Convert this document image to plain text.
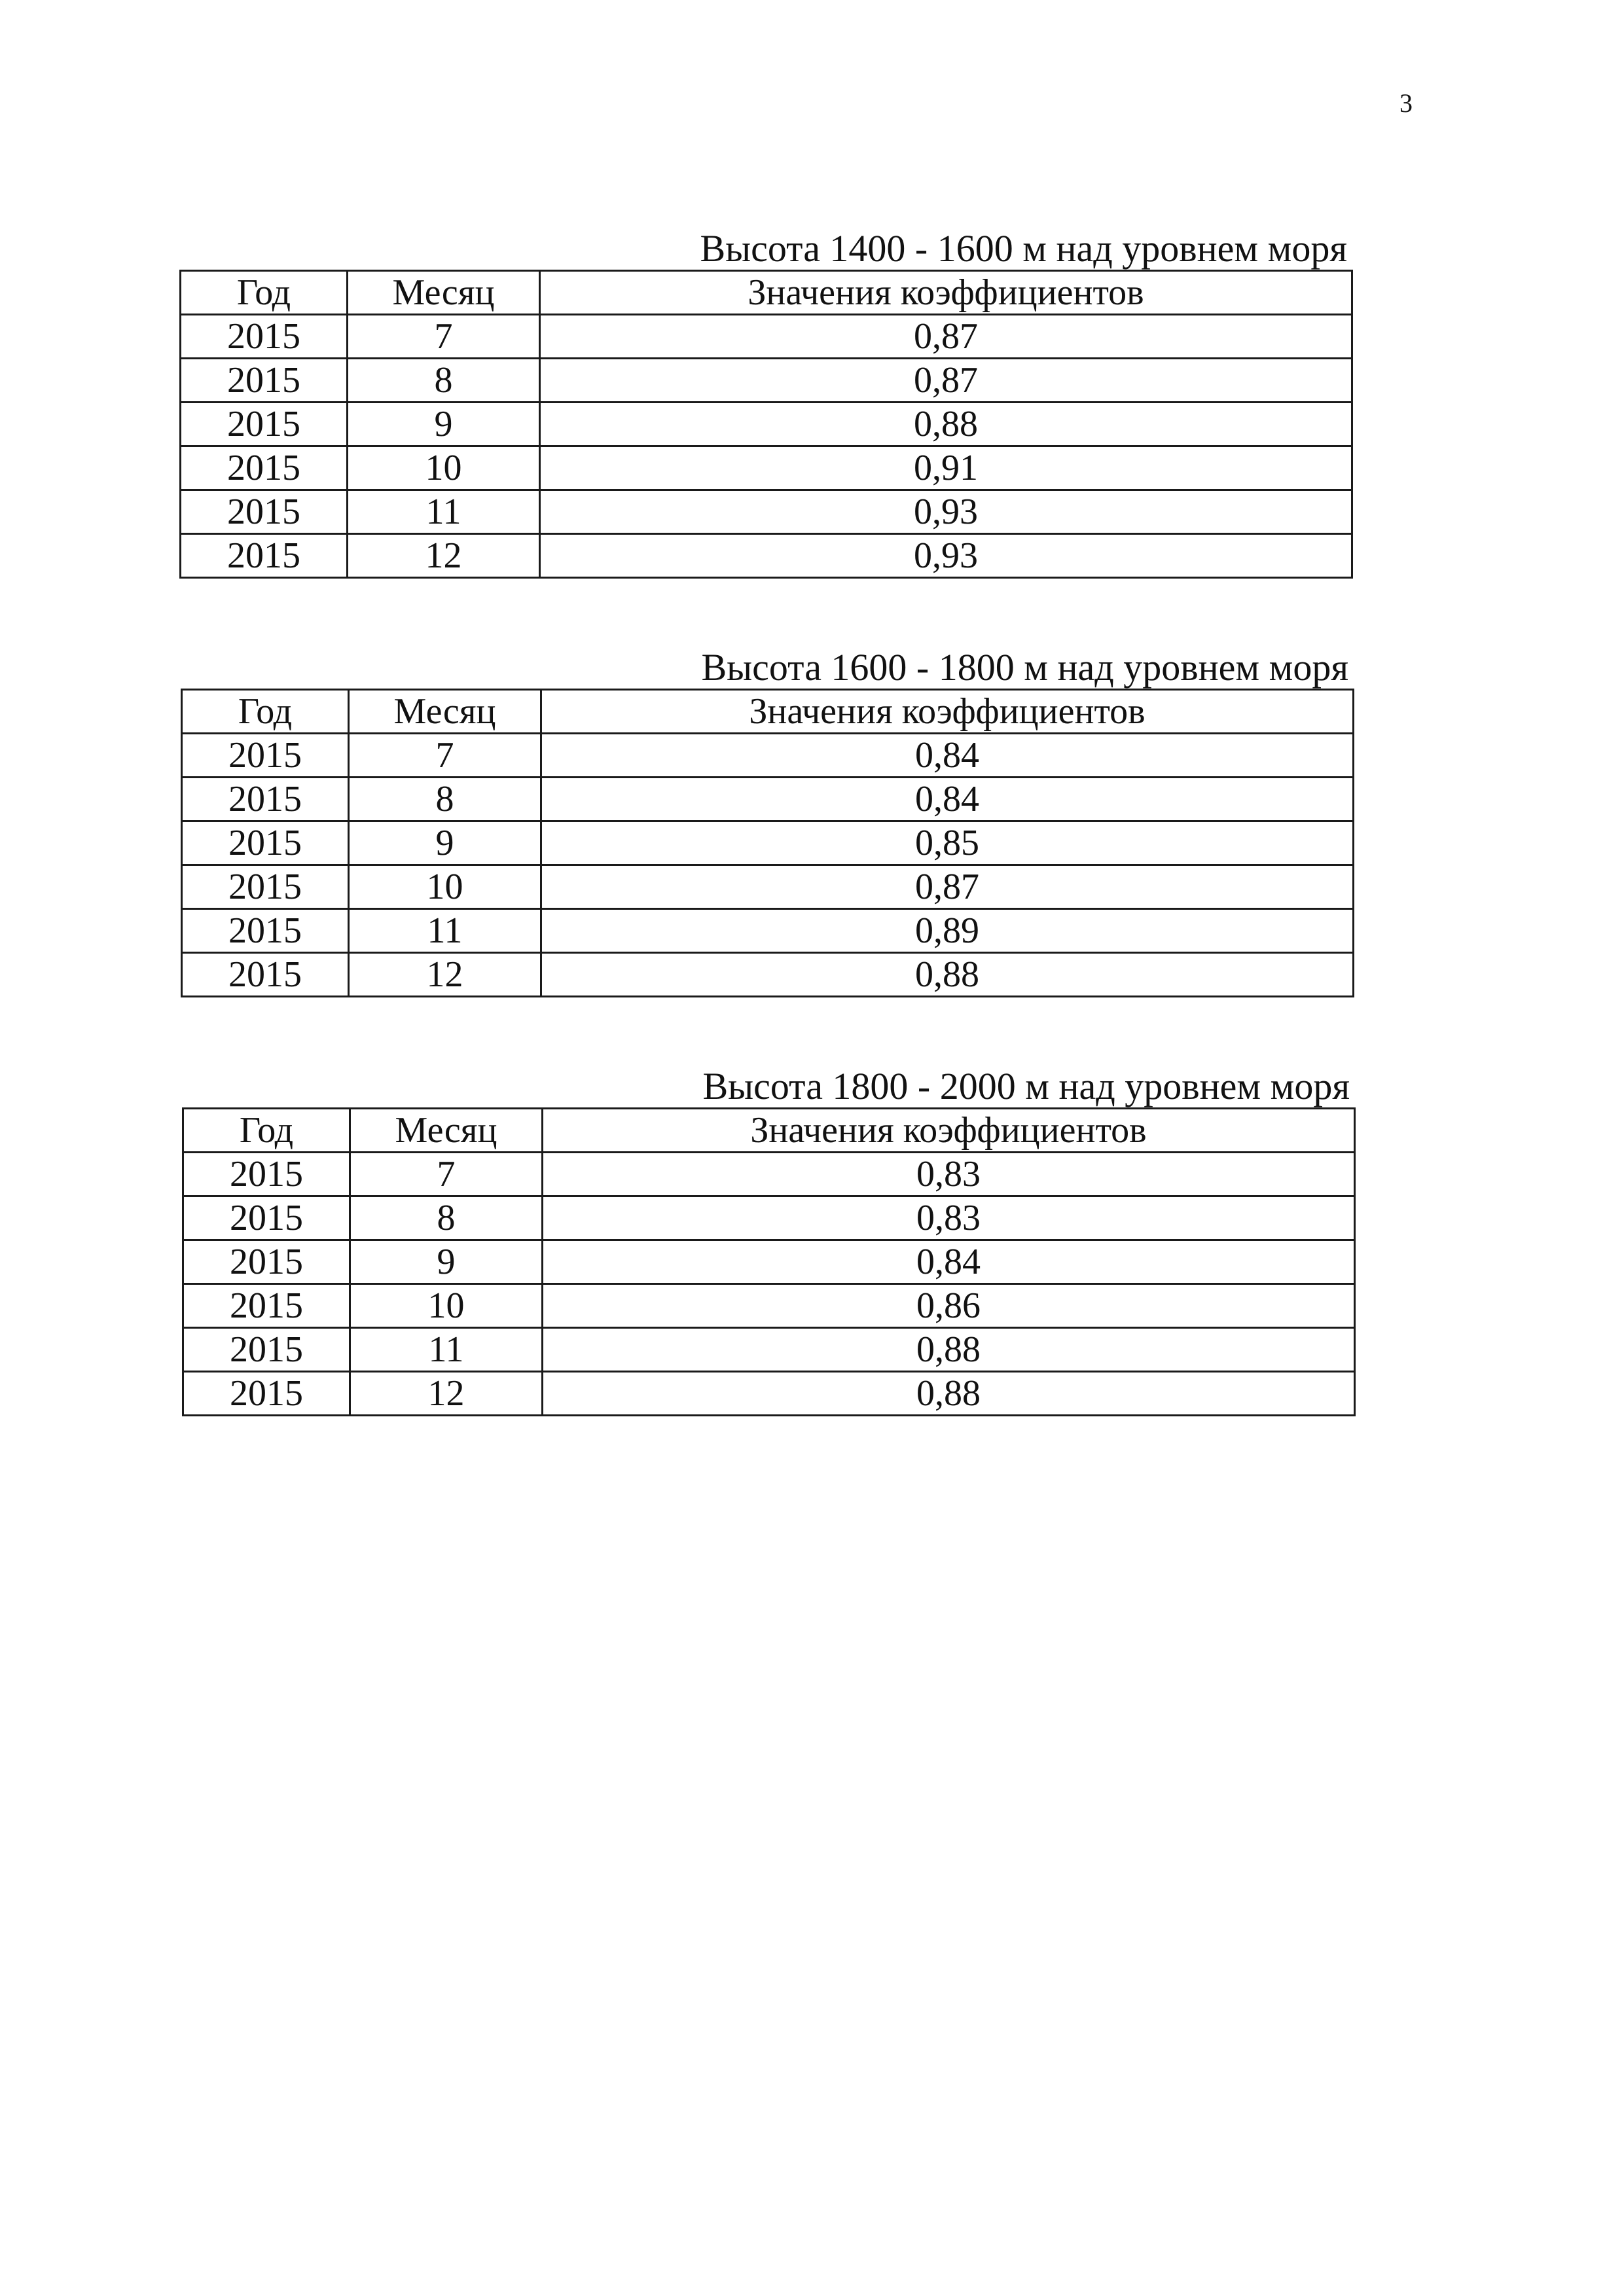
3
Высота 1400 - 1600 м над уровнем моря
Год	Месяц	Значения коэффициентов
2015	7	0,87
2015	8	0,87
2015	9	0,88
2015	10	0,91
2015	11	0,93
2015	12	0,93
Высота 1600 - 1800 м над уровнем моря
Год	Месяц	Значения коэффициентов
2015	7	0,84
2015	8	0,84
2015	9	0,85
2015	10	0,87
2015	11	0,89
2015	12	0,88
Высота 1800 - 2000 м над уровнем моря
Год	Месяц	Значения коэффициентов
2015	7	0,83
2015	8	0,83
2015	9	0,84
2015	10	0,86
2015	11	0,88
2015	12	0,88
